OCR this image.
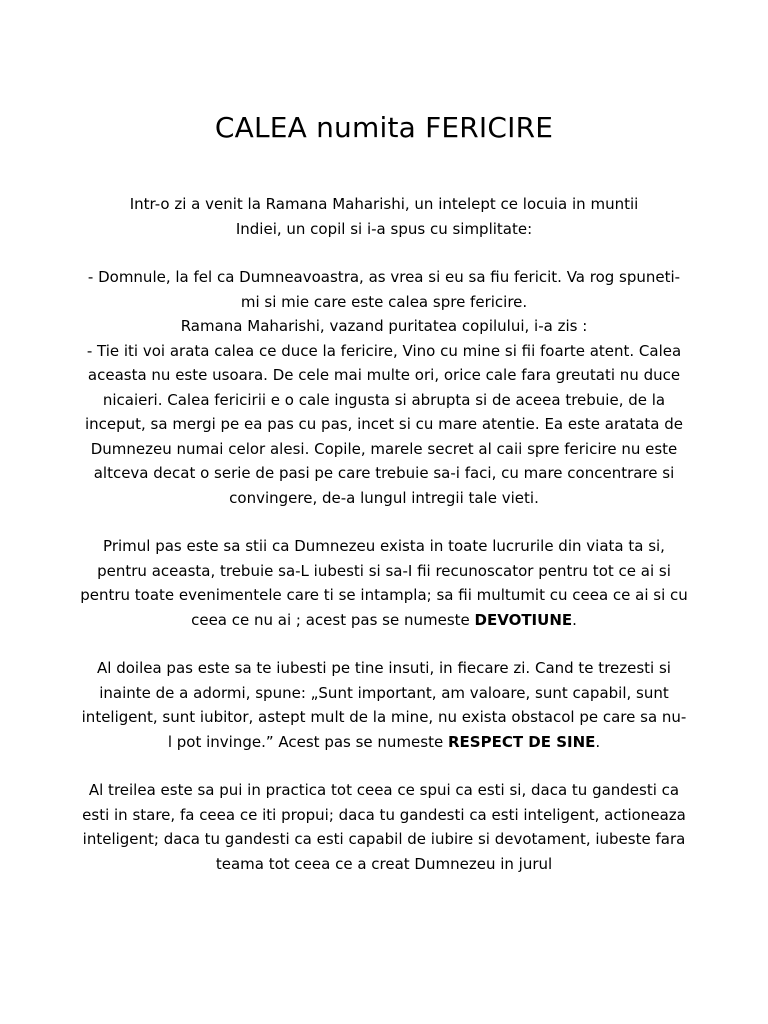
CALEA numita FERICIRE

Intr-o zi a venit la Ramana Maharishi, un intelept ce locuia in muntii Indiei, un copil si i-a spus cu simplitate:

- Domnule, la fel ca Dumneavoastra, as vrea si eu sa fiu fericit. Va rog spuneti-mi si mie care este calea spre fericire.

Ramana Maharishi, vazand puritatea copilului, i-a zis :

- Tie iti voi arata calea ce duce la fericire, Vino cu mine si fii foarte atent. Calea aceasta nu este usoara. De cele mai multe ori, orice cale fara greutati nu duce nicaieri. Calea fericirii e o cale ingusta si abrupta si de aceea trebuie, de la inceput, sa mergi pe ea pas cu pas, incet si cu mare atentie. Ea este aratata de Dumnezeu numai celor alesi. Copile, marele secret al caii spre fericire nu este altceva decat o serie de pasi pe care trebuie sa-i faci, cu mare concentrare si convingere, de-a lungul intregii tale vieti.

Primul pas este sa stii ca Dumnezeu exista in toate lucrurile din viata ta si, pentru aceasta, trebuie sa-L iubesti si sa-I fii recunoscator pentru tot ce ai si pentru toate evenimentele care ti se intampla; sa fii multumit cu ceea ce ai si cu ceea ce nu ai ; acest pas se numeste DEVOTIUNE.

Al doilea pas este sa te iubesti pe tine insuti, in fiecare zi. Cand te trezesti si inainte de a adormi, spune: „Sunt important, am valoare, sunt capabil, sunt inteligent, sunt iubitor, astept mult de la mine, nu exista obstacol pe care sa nu-l pot invinge.” Acest pas se numeste RESPECT DE SINE.

Al treilea este sa pui in practica tot ceea ce spui ca esti si, daca tu gandesti ca esti in stare, fa ceea ce iti propui; daca tu gandesti ca esti inteligent, actioneaza inteligent; daca tu gandesti ca esti capabil de iubire si devotament, iubeste fara teama tot ceea ce a creat Dumnezeu in jurul
